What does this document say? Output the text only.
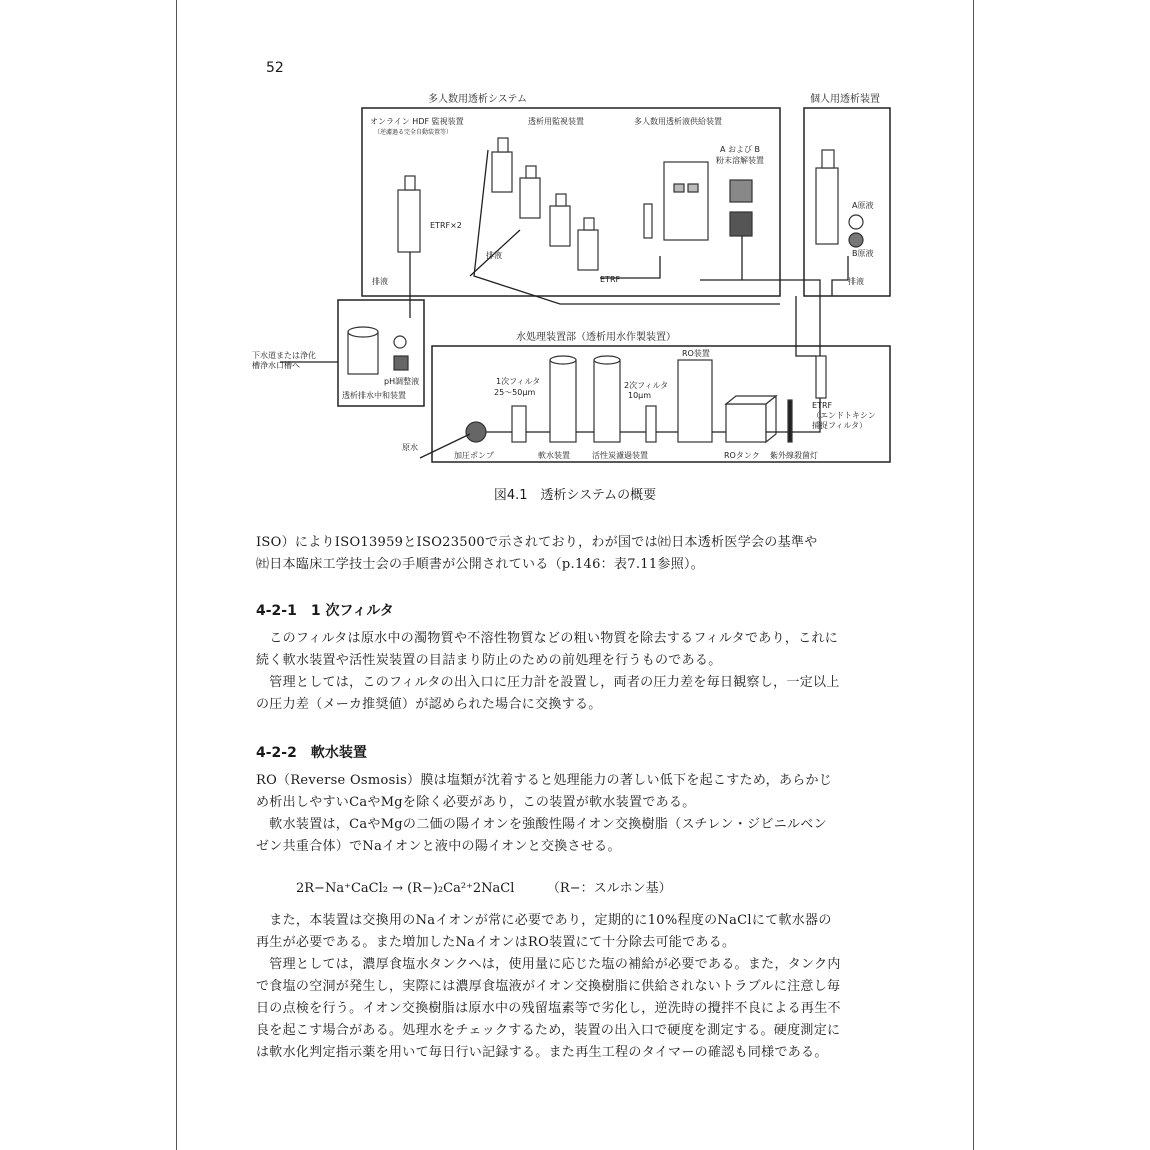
52
多人数用透析システム	個人用透析装置
オンライン HDF 監視装置
（逆濾過る完全自動装置等）
透析用監視装置	多人数用透析液供給装置
A および B
粉末溶解装置
ETRF×2
ETRF
排液
排液
排液
A原液
B原液
水処理装置部（透析用水作製装置）
透析排水中和装置
pH調整液
下水道または浄化
槽浄水口槽へ
原水
加圧ポンプ
1次フィルタ
25〜50μm
軟水装置	活性炭濾過装置
2次フィルタ
10μm
RO装置
ROタンク 紫外線殺菌灯
ETRF
（エンドトキシン
捕捉フィルタ）
図4.1　透析システムの概要
ISO）によりISO13959とISO23500で示されており，わが国では㈳日本透析医学会の基準や
㈳日本臨床工学技士会の手順書が公開されている（p.146：表7.11参照）。
4-2-1　1 次フィルタ
　このフィルタは原水中の濁物質や不溶性物質などの粗い物質を除去するフィルタであり，これに
続く軟水装置や活性炭装置の目詰まり防止のための前処理を行うものである。
　管理としては，このフィルタの出入口に圧力計を設置し，両者の圧力差を毎日観察し，一定以上
の圧力差（メーカ推奨値）が認められた場合に交換する。
4-2-2　軟水装置
RO（Reverse Osmosis）膜は塩類が沈着すると処理能力の著しい低下を起こすため，あらかじ
め析出しやすいCaやMgを除く必要があり，この装置が軟水装置である。
　軟水装置は，CaやMgの二価の陽イオンを強酸性陽イオン交換樹脂（スチレン・ジビニルベン
ゼン共重合体）でNaイオンと液中の陽イオンと交換させる。
2R−Na⁺CaCl₂ → (R−)₂Ca²⁺2NaCl　　　（R−：スルホン基）
　また，本装置は交換用のNaイオンが常に必要であり，定期的に10%程度のNaClにて軟水器の
再生が必要である。また増加したNaイオンはRO装置にて十分除去可能である。
　管理としては，濃厚食塩水タンクへは，使用量に応じた塩の補給が必要である。また，タンク内
で食塩の空洞が発生し，実際には濃厚食塩液がイオン交換樹脂に供給されないトラブルに注意し毎
日の点検を行う。イオン交換樹脂は原水中の残留塩素等で劣化し，逆洗時の攪拌不良による再生不
良を起こす場合がある。処理水をチェックするため，装置の出入口で硬度を測定する。硬度測定に
は軟水化判定指示薬を用いて毎日行い記録する。また再生工程のタイマーの確認も同様である。
